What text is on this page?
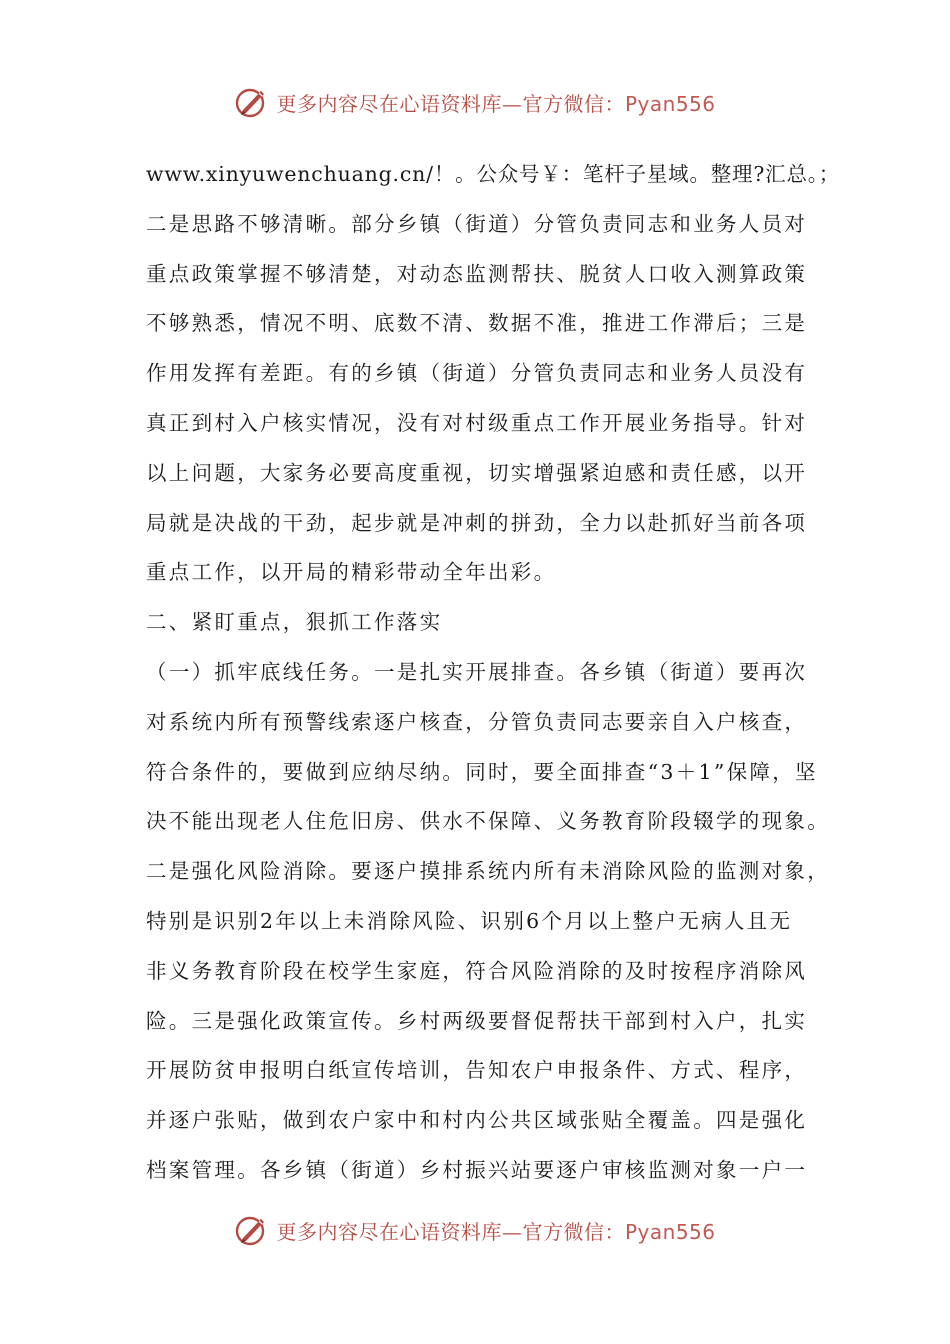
更多内容尽在心语资料库—官方微信：Pyan556
www.xinyuwenchuang.cn/！。公众号￥：笔杆子星域。整理?汇总。；
二是思路不够清晰。部分乡镇（街道）分管负责同志和业务人员对
重点政策掌握不够清楚，对动态监测帮扶、脱贫人口收入测算政策
不够熟悉，情况不明、底数不清、数据不准，推进工作滞后；三是
作用发挥有差距。有的乡镇（街道）分管负责同志和业务人员没有
真正到村入户核实情况，没有对村级重点工作开展业务指导。针对
以上问题，大家务必要高度重视，切实增强紧迫感和责任感，以开
局就是决战的干劲，起步就是冲刺的拼劲，全力以赴抓好当前各项
重点工作，以开局的精彩带动全年出彩。
二、紧盯重点，狠抓工作落实
（一）抓牢底线任务。一是扎实开展排查。各乡镇（街道）要再次
对系统内所有预警线索逐户核查，分管负责同志要亲自入户核查，
符合条件的，要做到应纳尽纳。同时，要全面排查“3＋1”保障，坚
决不能出现老人住危旧房、供水不保障、义务教育阶段辍学的现象。
二是强化风险消除。要逐户摸排系统内所有未消除风险的监测对象，
特别是识别2年以上未消除风险、识别6个月以上整户无病人且无
非义务教育阶段在校学生家庭，符合风险消除的及时按程序消除风
险。三是强化政策宣传。乡村两级要督促帮扶干部到村入户，扎实
开展防贫申报明白纸宣传培训，告知农户申报条件、方式、程序，
并逐户张贴，做到农户家中和村内公共区域张贴全覆盖。四是强化
档案管理。各乡镇（街道）乡村振兴站要逐户审核监测对象一户一
更多内容尽在心语资料库—官方微信：Pyan556
